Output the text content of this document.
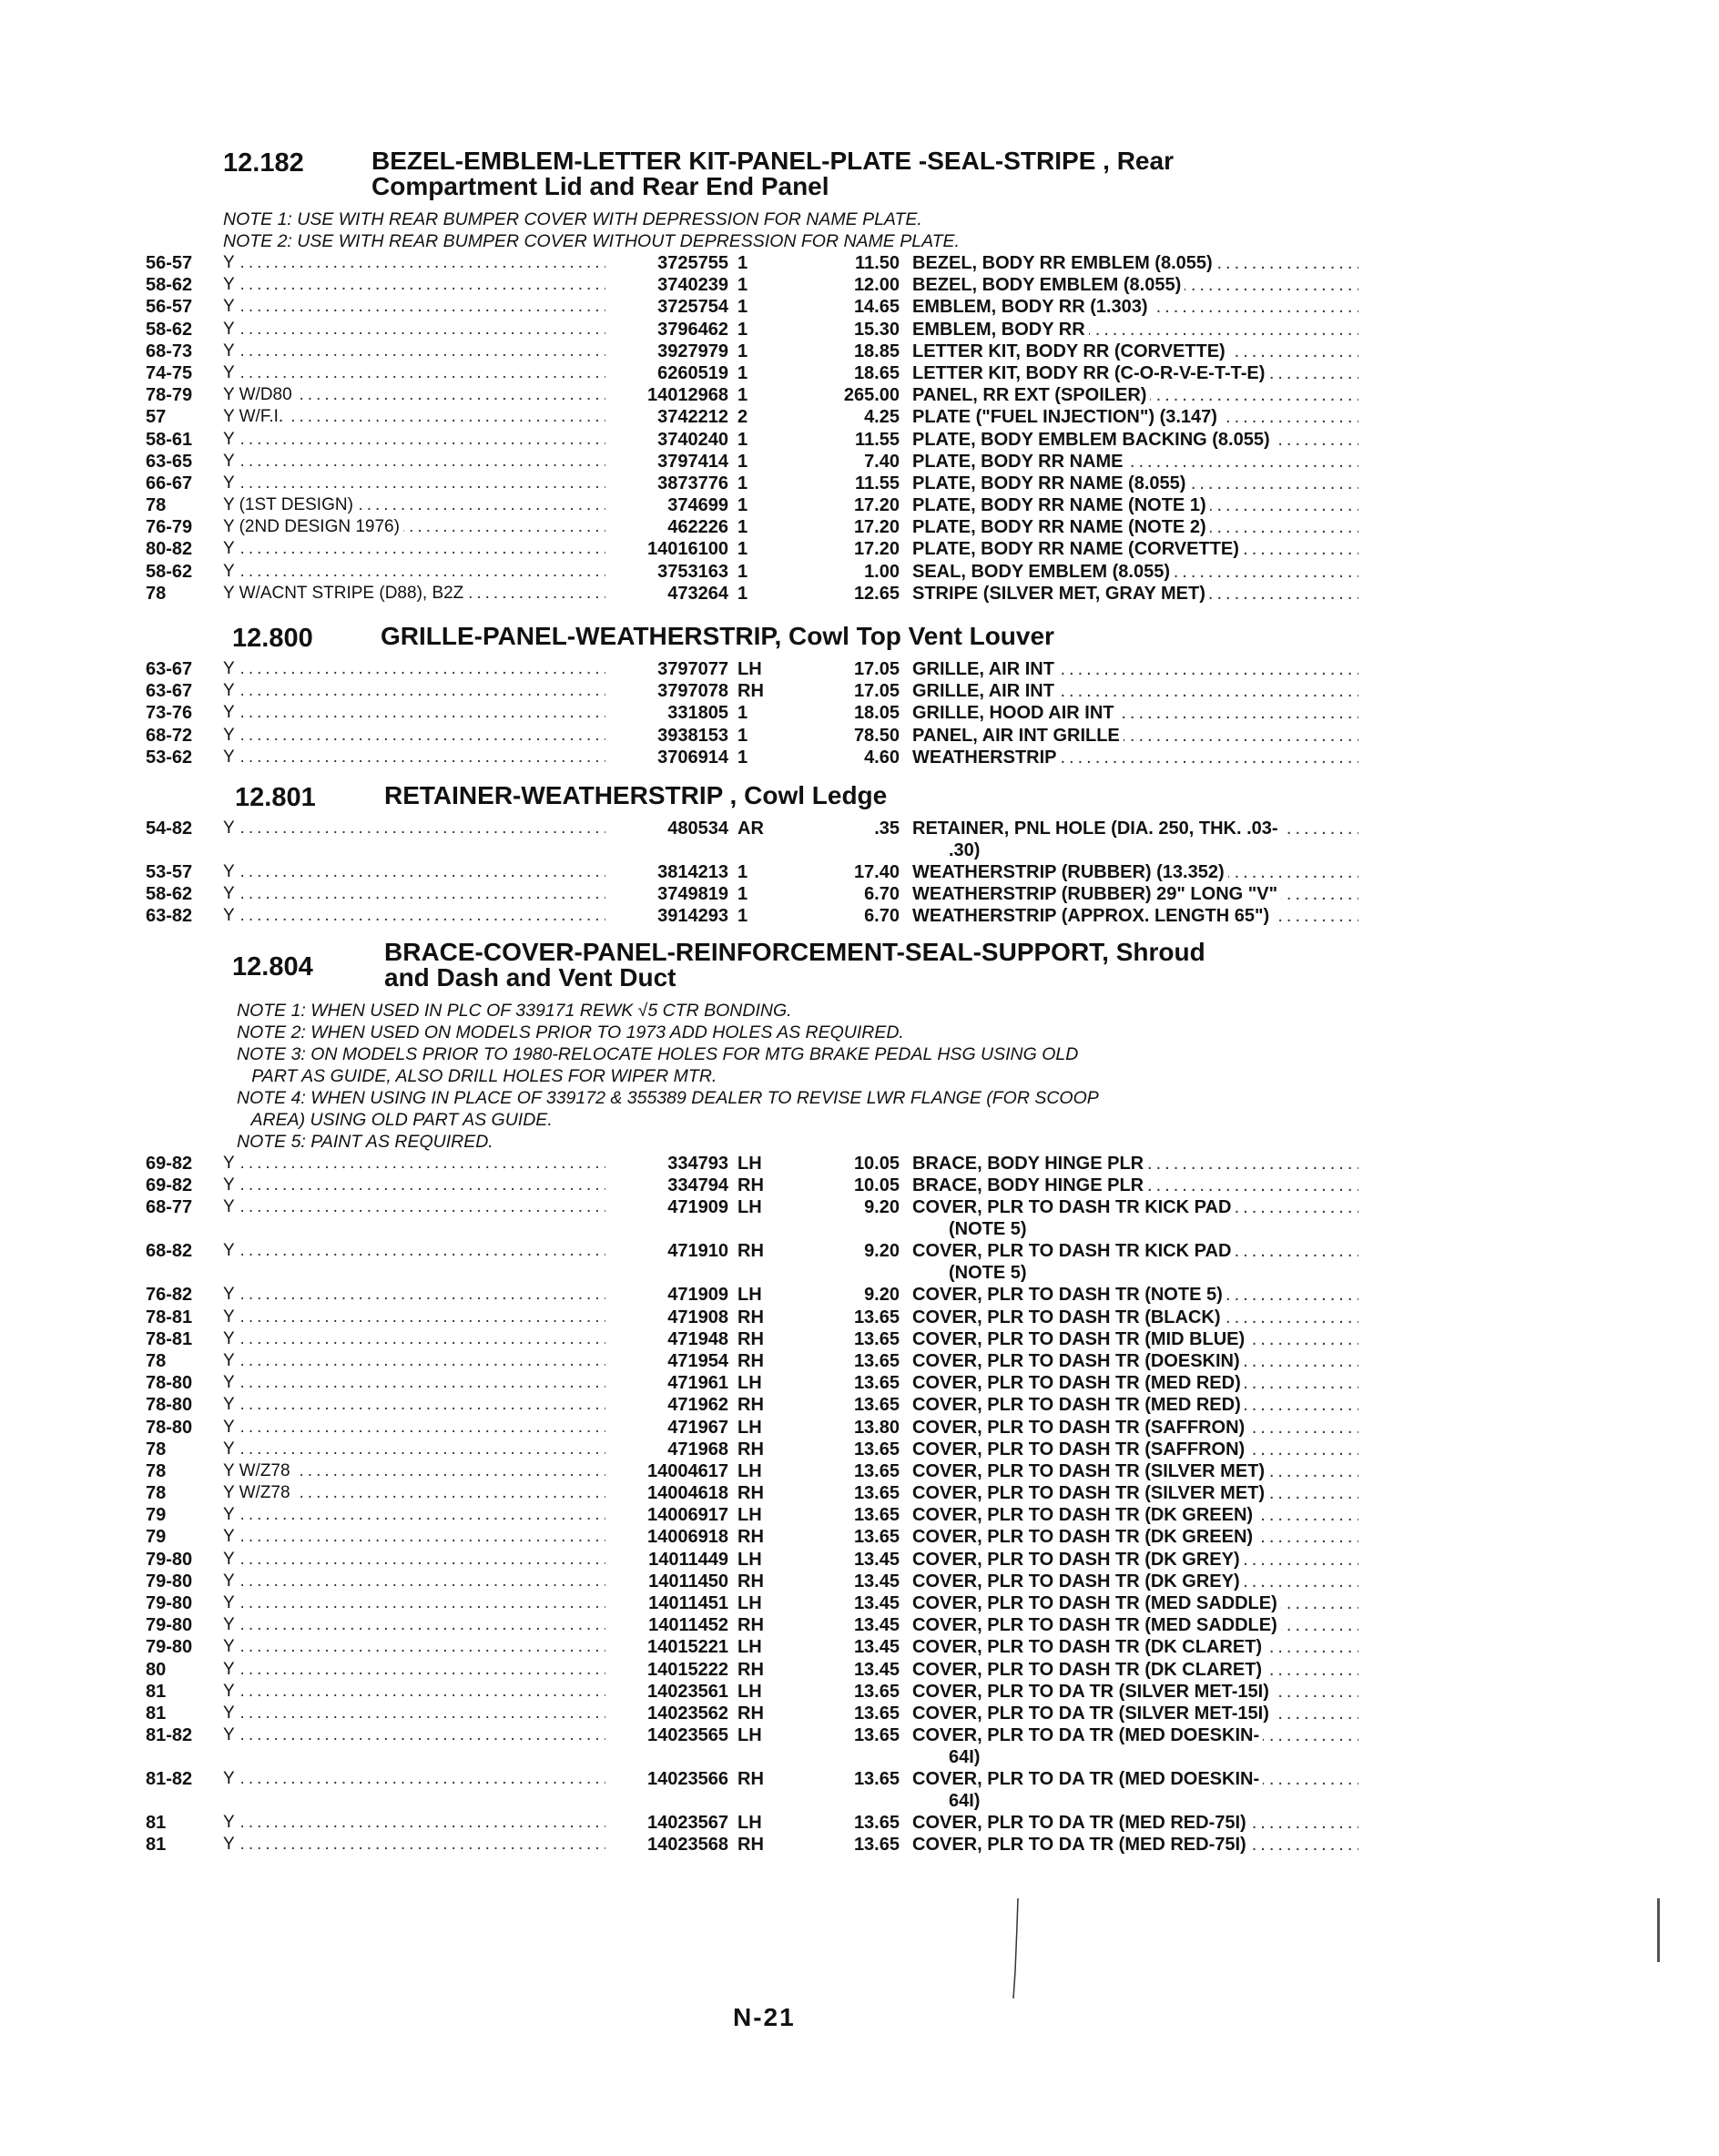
12.182	BEZEL-EMBLEM-LETTER KIT-PANEL-PLATE -SEAL-STRIPE , Rear
Compartment Lid and Rear End Panel
NOTE 1: USE WITH REAR BUMPER COVER WITH DEPRESSION FOR NAME PLATE.
NOTE 2: USE WITH REAR BUMPER COVER WITHOUT DEPRESSION FOR NAME PLATE.
56-57	Y .....	3725755 1	11.50 BEZEL, BODY RR EMBLEM (8.055) .....
58-62	Y .....	3740239 1	12.00 BEZEL, BODY EMBLEM (8.055) .....
56-57	Y .....	3725754 1	14.65 EMBLEM, BODY RR (1.303) .....
58-62	Y .....	3796462 1	15.30 EMBLEM, BODY RR .....
68-73	Y .....	3927979 1	18.85 LETTER KIT, BODY RR (CORVETTE) .....
74-75	Y .....	6260519 1	18.65 LETTER KIT, BODY RR (C-O-R-V-E-T-T-E) .....
78-79	Y W/D80 .....	14012968 1	265.00 PANEL, RR EXT (SPOILER) .....
57	Y W/F.I. .....	3742212 2	4.25 PLATE ("FUEL INJECTION") (3.147) .....
58-61	Y .....	3740240 1	11.55 PLATE, BODY EMBLEM BACKING (8.055) .....
63-65	Y .....	3797414 1	7.40 PLATE, BODY RR NAME .....
66-67	Y .....	3873776 1	11.55 PLATE, BODY RR NAME (8.055) .....
78	Y (1ST DESIGN) .....	374699 1	17.20 PLATE, BODY RR NAME (NOTE 1) .....
76-79	Y (2ND DESIGN 1976) .....	462226 1	17.20 PLATE, BODY RR NAME (NOTE 2) .....
80-82	Y .....	14016100 1	17.20 PLATE, BODY RR NAME (CORVETTE) .....
58-62	Y .....	3753163 1	1.00 SEAL, BODY EMBLEM (8.055) .....
78	Y W/ACNT STRIPE (D88), B2Z .....	473264 1	12.65 STRIPE (SILVER MET, GRAY MET) .....
12.800	GRILLE-PANEL-WEATHERSTRIP, Cowl Top Vent Louver
63-67	Y .....	3797077 LH	17.05 GRILLE, AIR INT .....
63-67	Y .....	3797078 RH	17.05 GRILLE, AIR INT .....
73-76	Y .....	331805 1	18.05 GRILLE, HOOD AIR INT .....
68-72	Y .....	3938153 1	78.50 PANEL, AIR INT GRILLE .....
53-62	Y .....	3706914 1	4.60 WEATHERSTRIP .....
12.801	RETAINER-WEATHERSTRIP , Cowl Ledge
54-82	Y .....	480534 AR	.35 RETAINER, PNL HOLE (DIA. 250, THK. .03-
.30)
.....
53-57	Y .....	3814213 1	17.40 WEATHERSTRIP (RUBBER) (13.352) .....
58-62	Y .....	3749819 1	6.70 WEATHERSTRIP (RUBBER) 29" LONG "V" .....
63-82	Y .....	3914293 1	6.70 WEATHERSTRIP (APPROX. LENGTH 65") .....
12.804
BRACE-COVER-PANEL-REINFORCEMENT-SEAL-SUPPORT, Shroud
and Dash and Vent Duct
NOTE 1: WHEN USED IN PLC OF 339171 REWK √5 CTR BONDING.
NOTE 2: WHEN USED ON MODELS PRIOR TO 1973 ADD HOLES AS REQUIRED.
NOTE 3: ON MODELS PRIOR TO 1980-RELOCATE HOLES FOR MTG BRAKE PEDAL HSG USING OLD
PART AS GUIDE, ALSO DRILL HOLES FOR WIPER MTR.
NOTE 4: WHEN USING IN PLACE OF 339172 & 355389 DEALER TO REVISE LWR FLANGE (FOR SCOOP
AREA) USING OLD PART AS GUIDE.
NOTE 5: PAINT AS REQUIRED.
69-82	Y .....	334793 LH	10.05 BRACE, BODY HINGE PLR .....
69-82	Y .....	334794 RH	10.05 BRACE, BODY HINGE PLR .....
68-77	Y .....	471909 LH	9.20 COVER, PLR TO DASH TR KICK PAD
(NOTE 5)
.....
68-82	Y .....	471910 RH	9.20 COVER, PLR TO DASH TR KICK PAD
(NOTE 5)
.....
76-82	Y .....	471909 LH	9.20 COVER, PLR TO DASH TR (NOTE 5) .....
78-81	Y .....	471908 RH	13.65 COVER, PLR TO DASH TR (BLACK) .....
78-81	Y .....	471948 RH	13.65 COVER, PLR TO DASH TR (MID BLUE) .....
78	Y .....	471954 RH	13.65 COVER, PLR TO DASH TR (DOESKIN) .....
78-80	Y .....	471961 LH	13.65 COVER, PLR TO DASH TR (MED RED) .....
78-80	Y .....	471962 RH	13.65 COVER, PLR TO DASH TR (MED RED) .....
78-80	Y .....	471967 LH	13.80 COVER, PLR TO DASH TR (SAFFRON) .....
78	Y .....	471968 RH	13.65 COVER, PLR TO DASH TR (SAFFRON) .....
78	Y W/Z78 .....	14004617 LH	13.65 COVER, PLR TO DASH TR (SILVER MET) .....
78	Y W/Z78 .....	14004618 RH	13.65 COVER, PLR TO DASH TR (SILVER MET) .....
79	Y .....	14006917 LH	13.65 COVER, PLR TO DASH TR (DK GREEN) .....
79	Y .....	14006918 RH	13.65 COVER, PLR TO DASH TR (DK GREEN) .....
79-80	Y .....	14011449 LH	13.45 COVER, PLR TO DASH TR (DK GREY) .....
79-80	Y .....	14011450 RH	13.45 COVER, PLR TO DASH TR (DK GREY) .....
79-80	Y .....	14011451 LH	13.45 COVER, PLR TO DASH TR (MED SADDLE) .....
79-80	Y .....	14011452 RH	13.45 COVER, PLR TO DASH TR (MED SADDLE) .....
79-80	Y .....	14015221 LH	13.45 COVER, PLR TO DASH TR (DK CLARET) .....
80	Y .....	14015222 RH	13.45 COVER, PLR TO DASH TR (DK CLARET) .....
81	Y .....	14023561 LH	13.65 COVER, PLR TO DA TR (SILVER MET-15I) .....
81	Y .....	14023562 RH	13.65 COVER, PLR TO DA TR (SILVER MET-15I) .....
81-82	Y .....	14023565 LH	13.65 COVER, PLR TO DA TR (MED DOESKIN-
64I)
.....
81-82	Y .....	14023566 RH	13.65 COVER, PLR TO DA TR (MED DOESKIN-
64I)
.....
81	Y .....	14023567 LH	13.65 COVER, PLR TO DA TR (MED RED-75I) .....
81	Y .....	14023568 RH	13.65 COVER, PLR TO DA TR (MED RED-75I) .....
N-21
